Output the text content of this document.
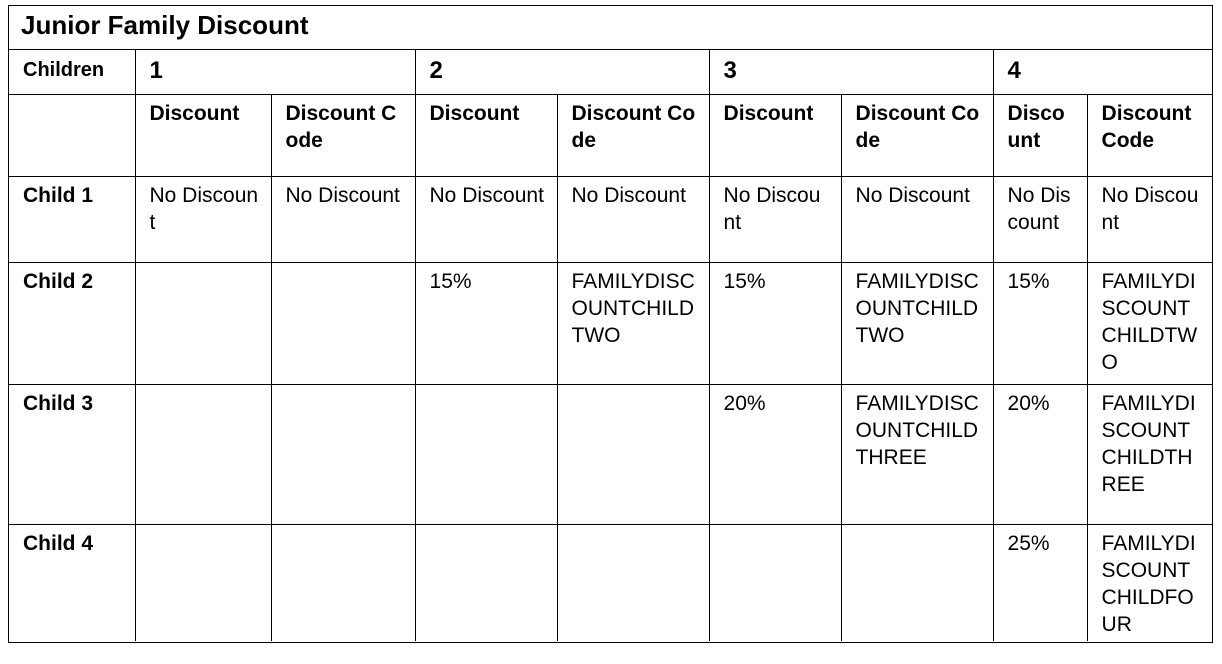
Junior Family Discount
Children	1		2		3		4	
	Discount	Discount Code	Discount	Discount Code	Discount	Discount Code	Discount	Discount Code
Child 1	No Discount	No Discount	No Discount	No Discount	No Discount	No Discount	No Discount	No Discount
Child 2			15%	FAMILYDISCOUNTCHILDTWO	15%	FAMILYDISCOUNTCHILDTWO	15%	FAMILYDISCOUNTCHILDTWO
Child 3					20%	FAMILYDISCOUNTCHILDTHREE	20%	FAMILYDISCOUNTCHILDTHREE
Child 4							25%	FAMILYDISCOUNTCHILDFOUR
